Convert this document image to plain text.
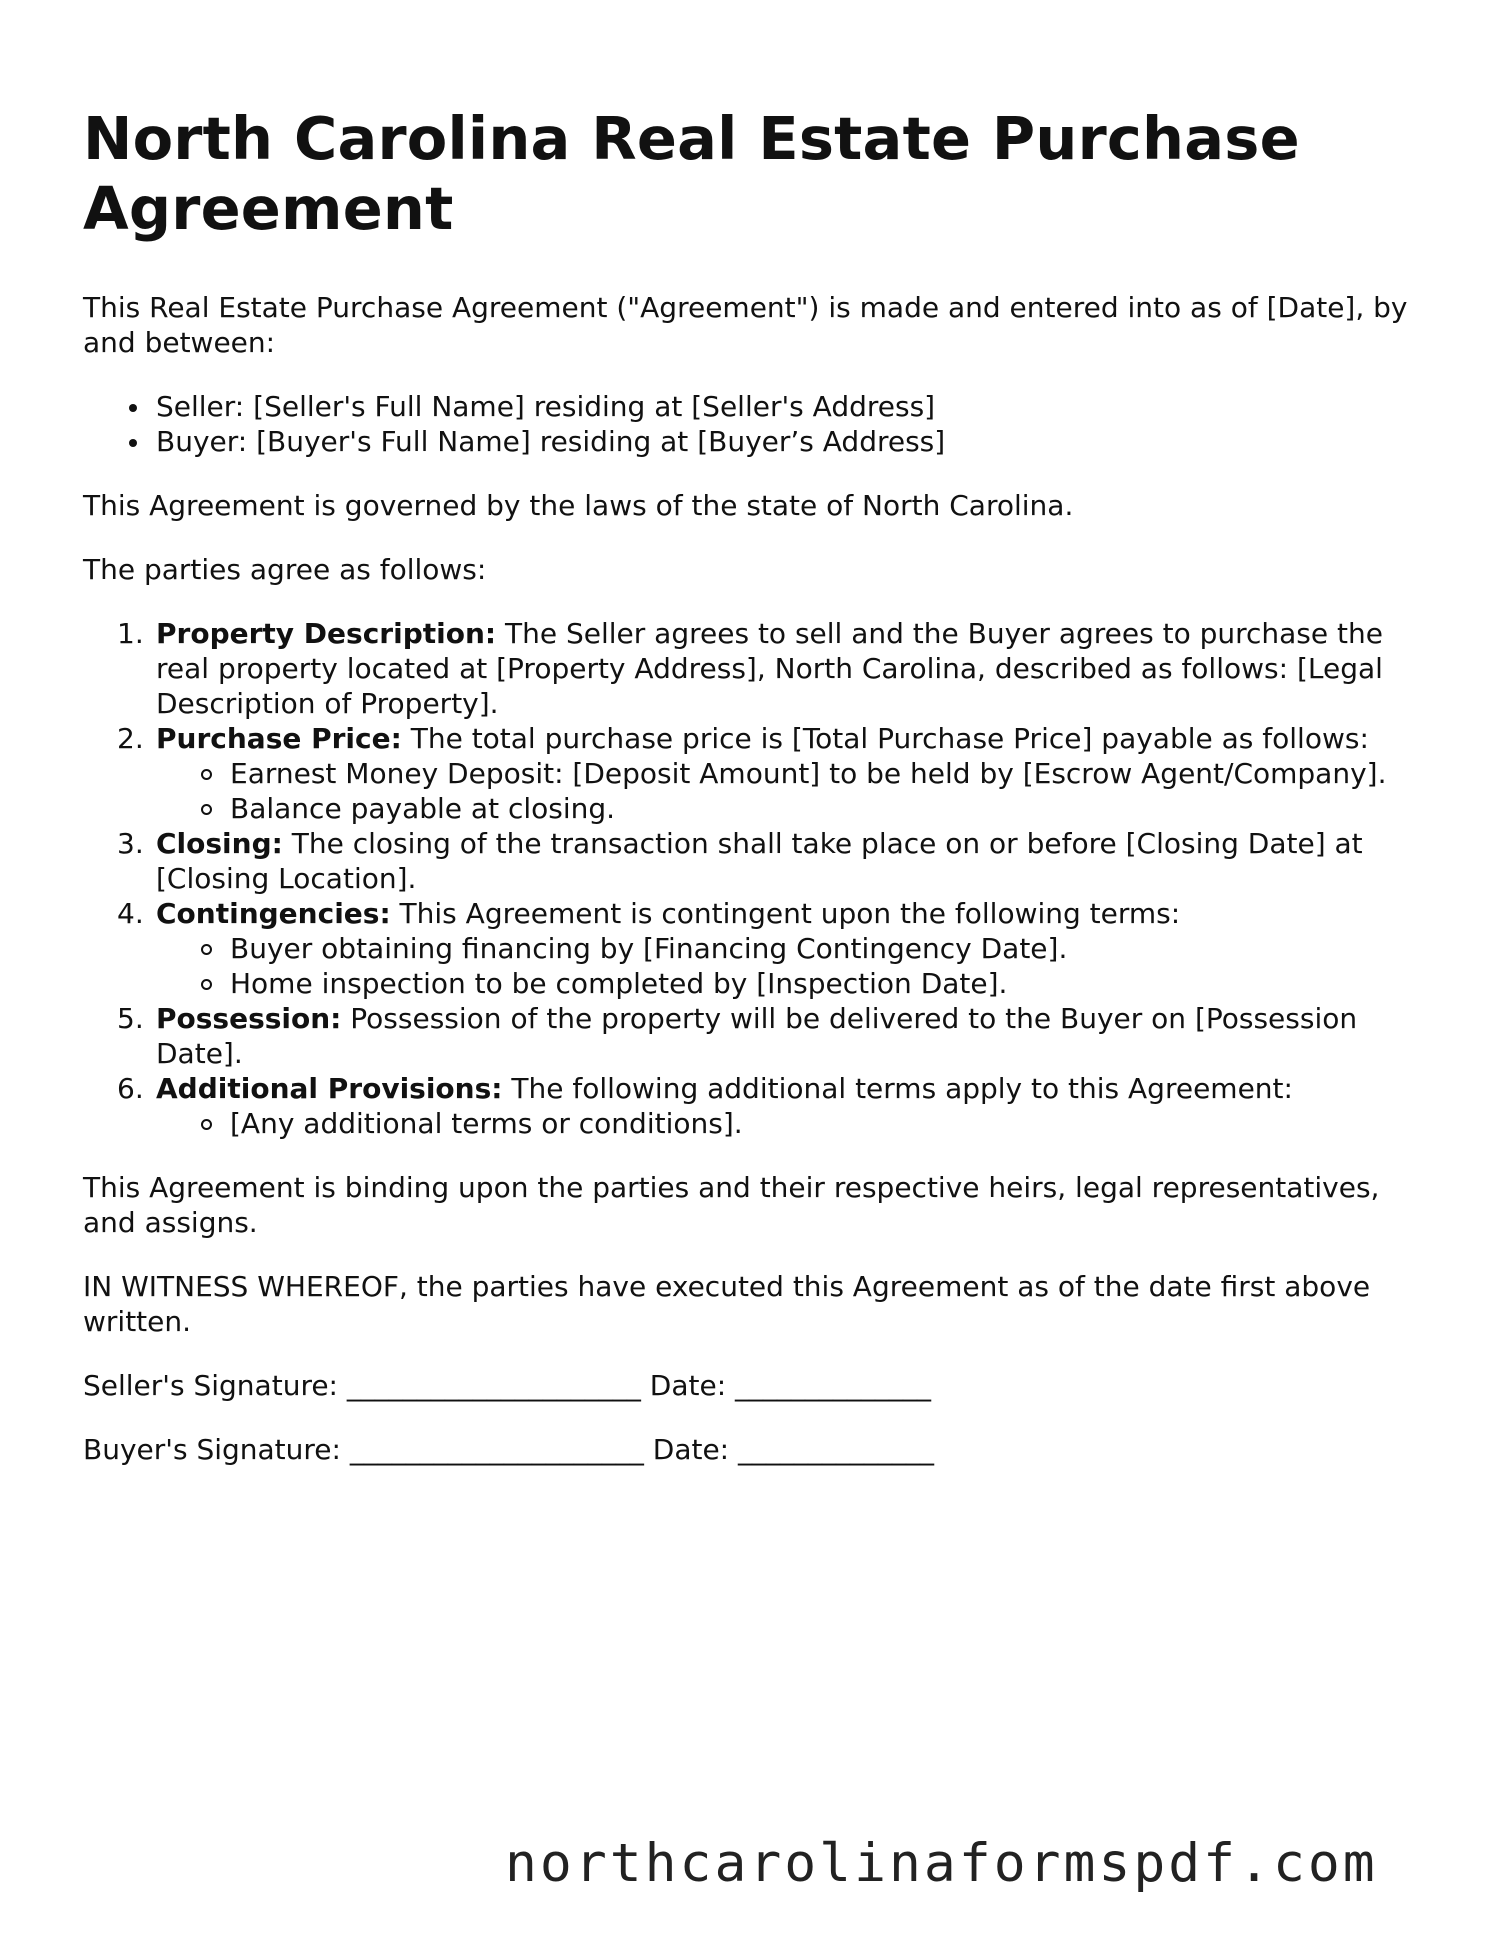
North Carolina Real Estate Purchase Agreement

This Real Estate Purchase Agreement ("Agreement") is made and entered into as of [Date], by and between:

Seller: [Seller's Full Name] residing at [Seller's Address]
Buyer: [Buyer's Full Name] residing at [Buyer’s Address]

This Agreement is governed by the laws of the state of North Carolina.

The parties agree as follows:

1. Property Description: The Seller agrees to sell and the Buyer agrees to purchase the real property located at [Property Address], North Carolina, described as follows: [Legal Description of Property].
2. Purchase Price: The total purchase price is [Total Purchase Price] payable as follows:
Earnest Money Deposit: [Deposit Amount] to be held by [Escrow Agent/Company].
Balance payable at closing.
3. Closing: The closing of the transaction shall take place on or before [Closing Date] at [Closing Location].
4. Contingencies: This Agreement is contingent upon the following terms:
Buyer obtaining financing by [Financing Contingency Date].
Home inspection to be completed by [Inspection Date].
5. Possession: Possession of the property will be delivered to the Buyer on [Possession Date].
6. Additional Provisions: The following additional terms apply to this Agreement:
[Any additional terms or conditions].

This Agreement is binding upon the parties and their respective heirs, legal representatives, and assigns.

IN WITNESS WHEREOF, the parties have executed this Agreement as of the date first above written.

Seller's Signature: _____________________ Date: ______________
Buyer's Signature: _____________________ Date: ______________
northcarolinaformspdf.com
